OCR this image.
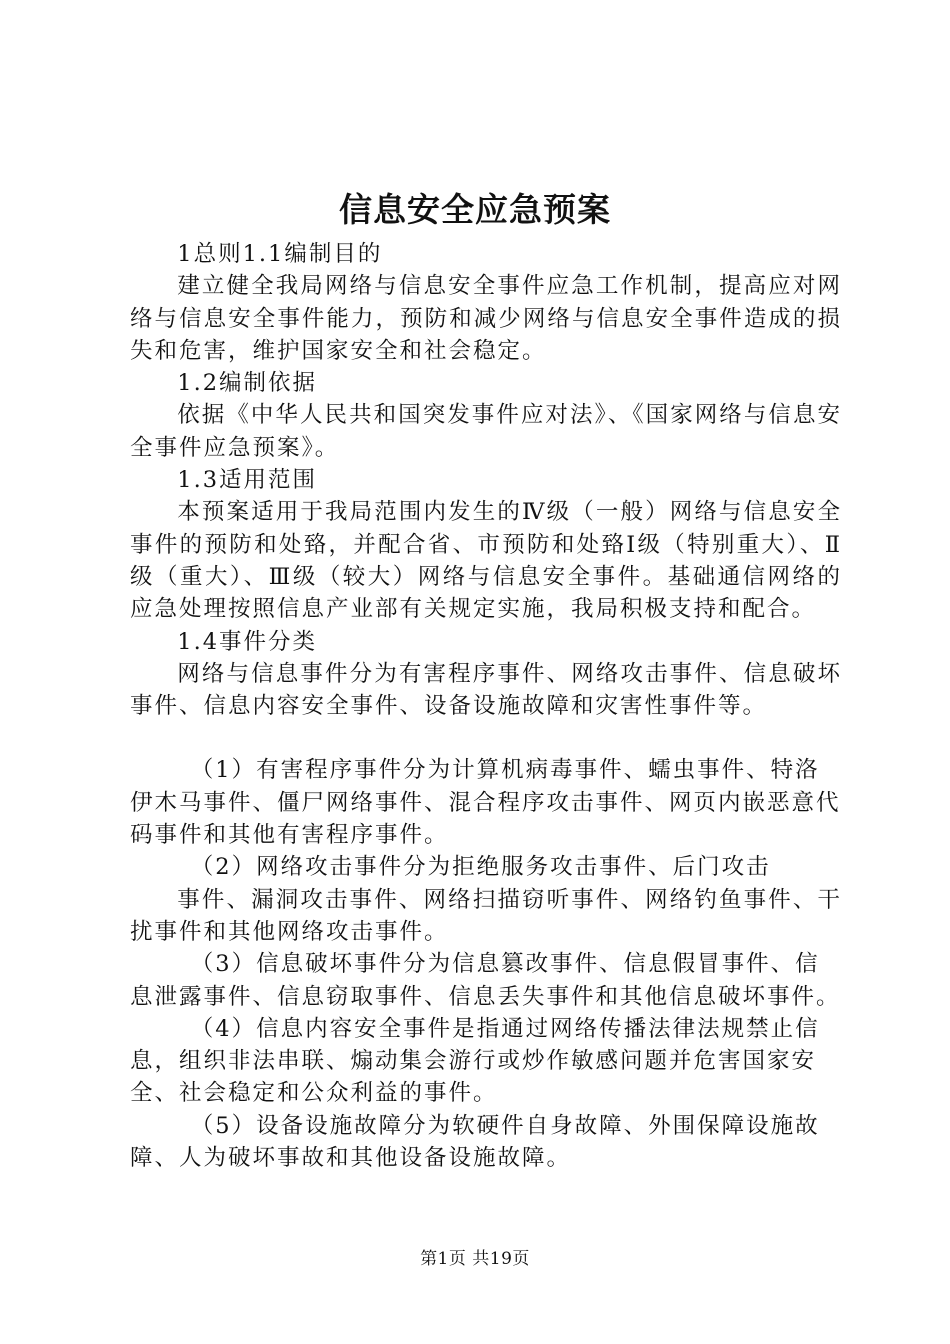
信息安全应急预案

1总则1.1编制目的

建立健全我局网络与信息安全事件应急工作机制，提高应对网络与信息安全事件能力，预防和减少网络与信息安全事件造成的损失和危害，维护国家安全和社会稳定。

1.2编制依据

依据《中华人民共和国突发事件应对法》、《国家网络与信息安全事件应急预案》。

1.3适用范围

本预案适用于我局范围内发生的Ⅳ级（一般）网络与信息安全事件的预防和处臵，并配合省、市预防和处臵Ⅰ级（特别重大）、Ⅱ级（重大）、Ⅲ级（较大）网络与信息安全事件。基础通信网络的应急处理按照信息产业部有关规定实施，我局积极支持和配合。

1.4事件分类

网络与信息事件分为有害程序事件、网络攻击事件、信息破坏事件、信息内容安全事件、设备设施故障和灾害性事件等。

（1）有害程序事件分为计算机病毒事件、蠕虫事件、特洛伊木马事件、僵尸网络事件、混合程序攻击事件、网页内嵌恶意代码事件和其他有害程序事件。

（2）网络攻击事件分为拒绝服务攻击事件、后门攻击

事件、漏洞攻击事件、网络扫描窃听事件、网络钓鱼事件、干扰事件和其他网络攻击事件。

（3）信息破坏事件分为信息篡改事件、信息假冒事件、信息泄露事件、信息窃取事件、信息丢失事件和其他信息破坏事件。

（4）信息内容安全事件是指通过网络传播法律法规禁止信息，组织非法串联、煽动集会游行或炒作敏感问题并危害国家安全、社会稳定和公众利益的事件。

（5）设备设施故障分为软硬件自身故障、外围保障设施故障、人为破坏事故和其他设备设施故障。

第1页 共19页
